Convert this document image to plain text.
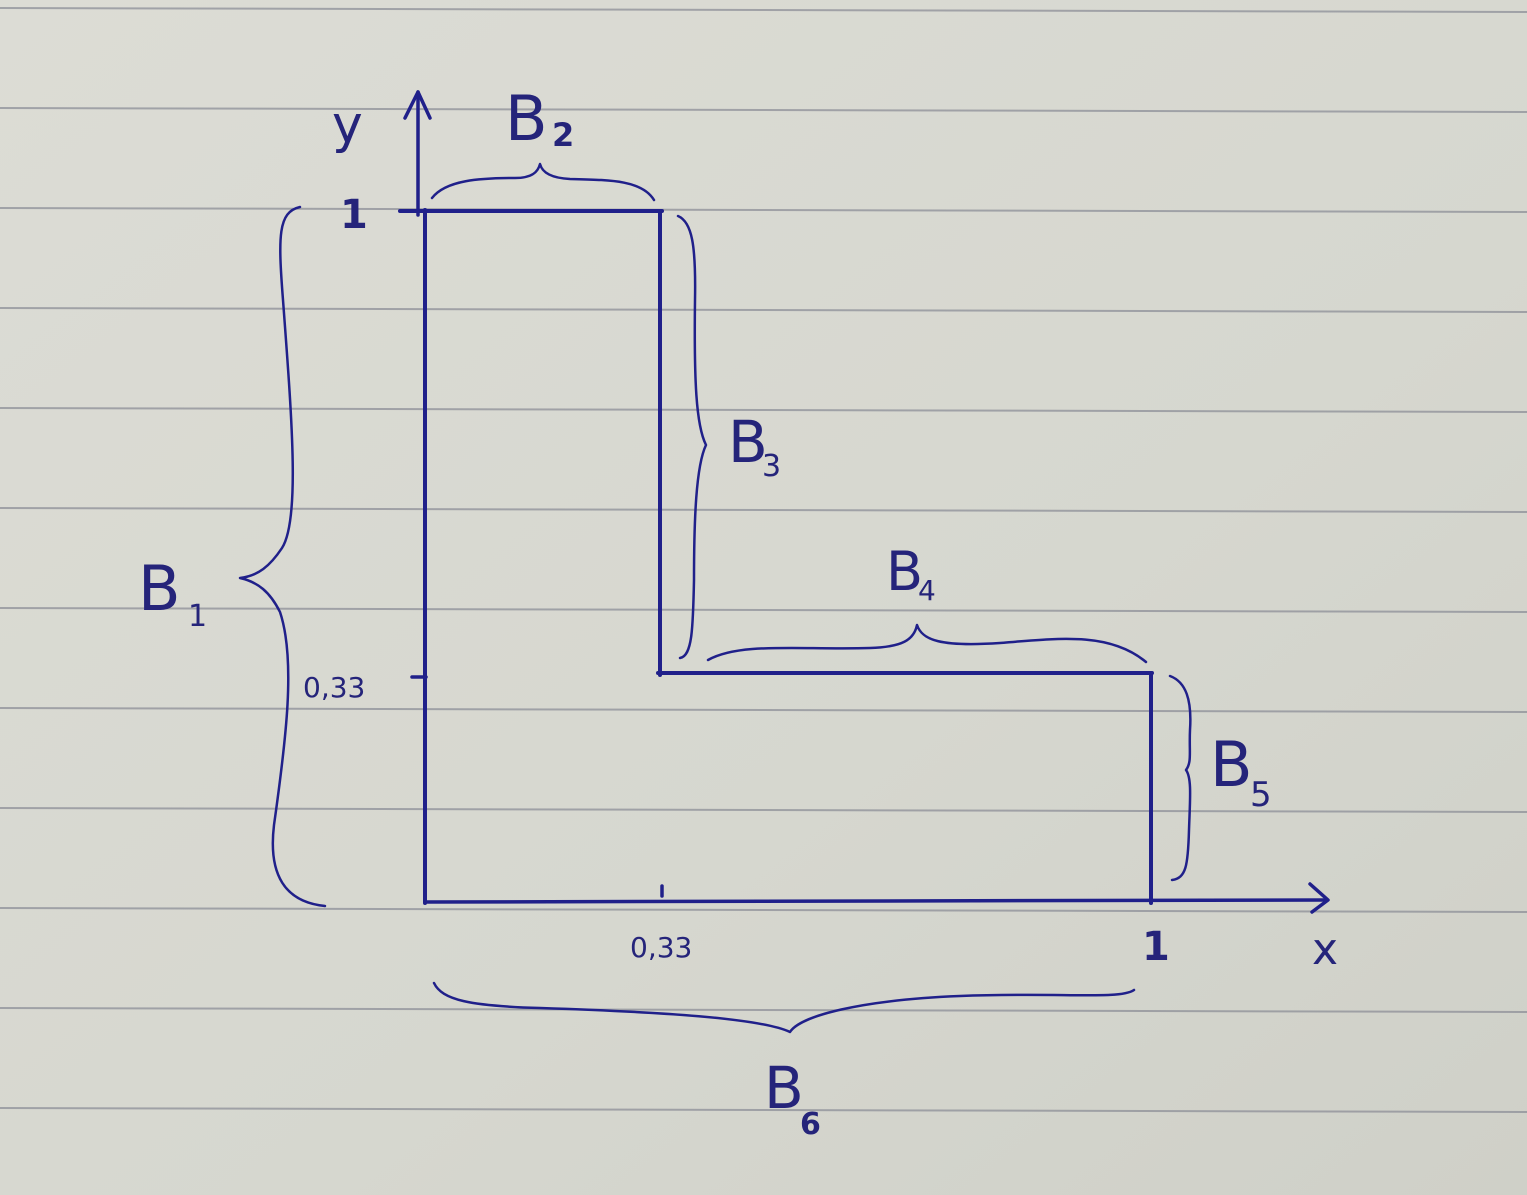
y
x
1
0,33
0,33	1
B 1
B 2
B
3
B
4
B
5
B
6
